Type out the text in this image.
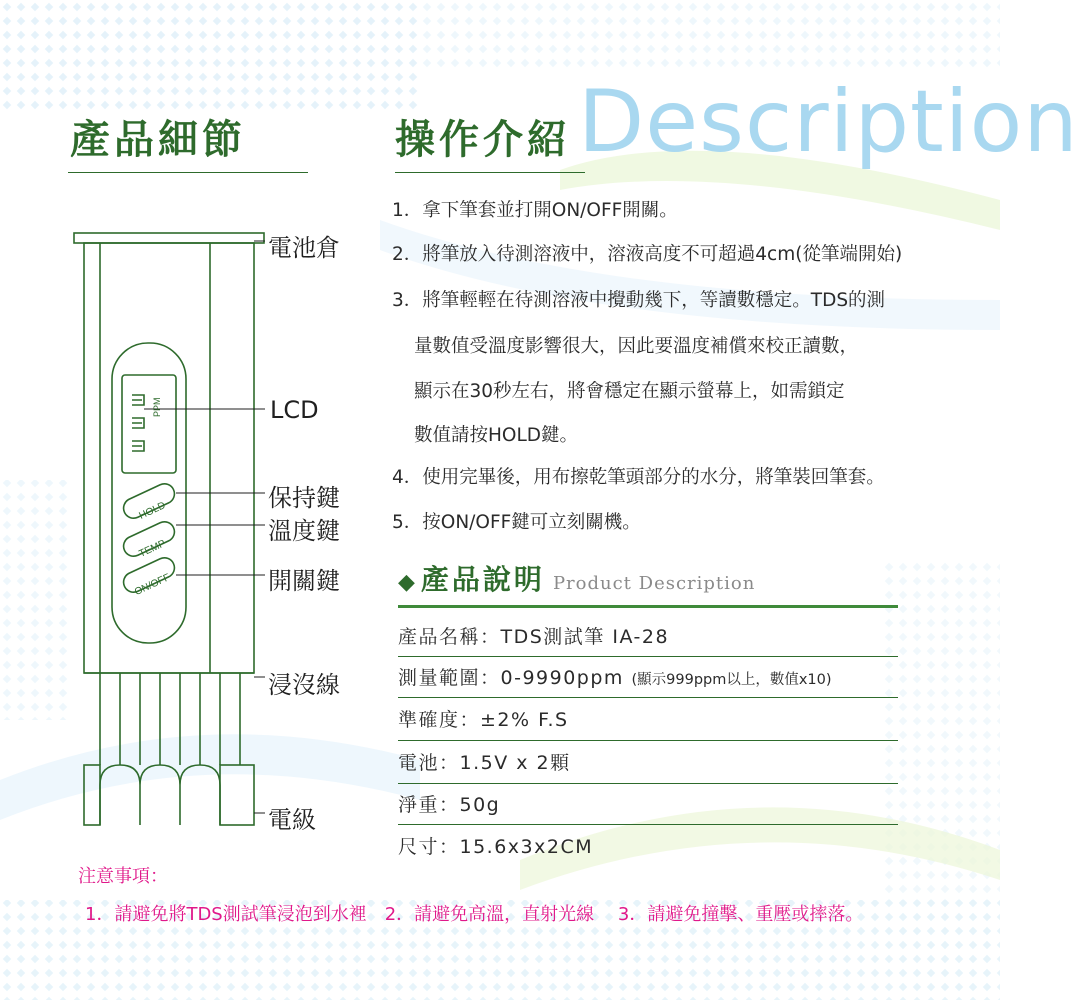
產品細節	操作介紹 Description
1．拿下筆套並打開ON/OFF開關。
2．將筆放入待測溶液中，溶液高度不可超過4cm(從筆端開始)
3．將筆輕輕在待測溶液中攪動幾下，等讀數穩定。TDS的測
量數值受溫度影響很大，因此要溫度補償來校正讀數，
顯示在30秒左右，將會穩定在顯示螢幕上，如需鎖定
數值請按HOLD鍵。
4．使用完畢後，用布擦乾筆頭部分的水分，將筆裝回筆套。
5．按ON/OFF鍵可立刻關機。
PPM
HOLD
TEMP
ON/OFF
電池倉
LCD
保持鍵
溫度鍵
開關鍵
浸沒線
電級
◆ 產品說明 Product Description
產品名稱：TDS測試筆 IA-28
測量範圍：0-9990ppm (顯示999ppm以上，數值x10)
準確度：±2% F.S
電池：1.5V x 2顆
淨重：50g
尺寸：15.6x3x2CM
注意事項：
1．請避免將TDS測試筆浸泡到水裡　2．請避免高溫，直射光線　 3．請避免撞擊、重壓或摔落。
